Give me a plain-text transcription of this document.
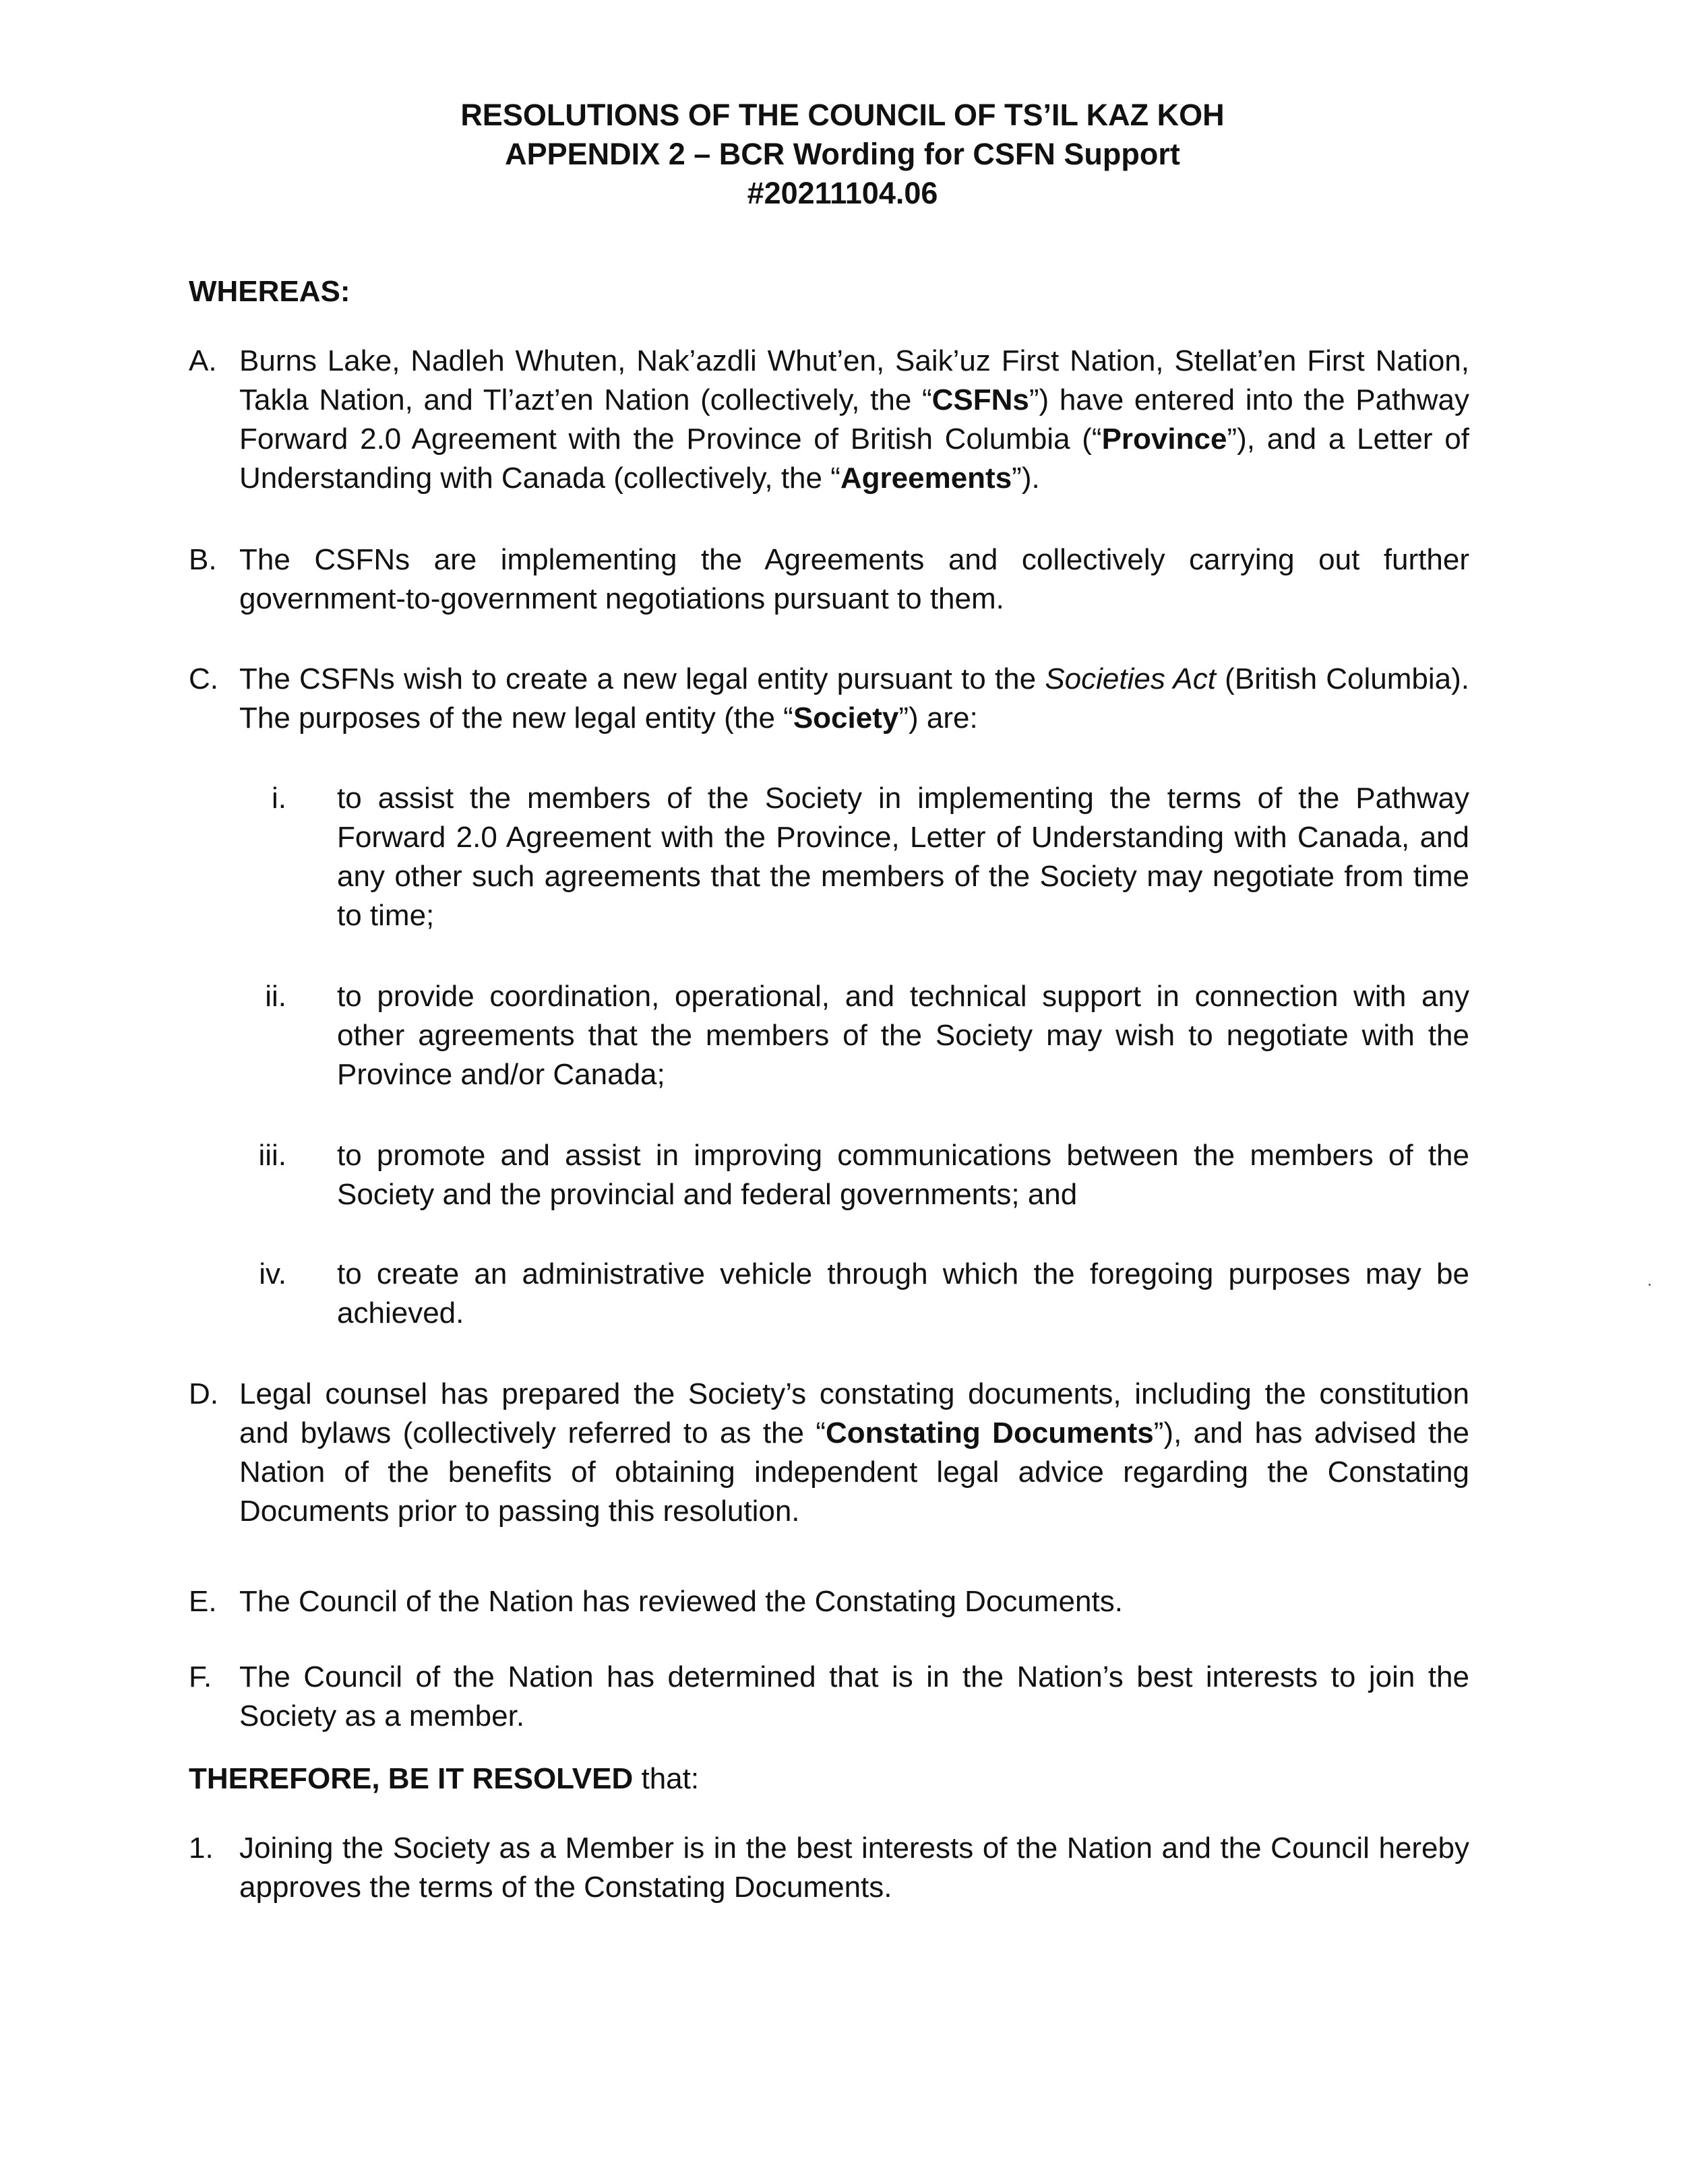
RESOLUTIONS OF THE COUNCIL OF TS’IL KAZ KOH
APPENDIX 2 – BCR Wording for CSFN Support
#20211104.06
WHEREAS:
A. Burns Lake, Nadleh Whuten, Nak’azdli Whut’en, Saik’uz First Nation, Stellat’en First Nation, Takla Nation, and Tl’azt’en Nation (collectively, the “CSFNs”) have entered into the Pathway Forward 2.0 Agreement with the Province of British Columbia (“Province”), and a Letter of Understanding with Canada (collectively, the “Agreements”).
B. The CSFNs are implementing the Agreements and collectively carrying out further government-to-government negotiations pursuant to them.
C. The CSFNs wish to create a new legal entity pursuant to the Societies Act (British Columbia). The purposes of the new legal entity (the “Society”) are:
i. to assist the members of the Society in implementing the terms of the Pathway Forward 2.0 Agreement with the Province, Letter of Understanding with Canada, and any other such agreements that the members of the Society may negotiate from time to time;
ii. to provide coordination, operational, and technical support in connection with any other agreements that the members of the Society may wish to negotiate with the Province and/or Canada;
iii. to promote and assist in improving communications between the members of the Society and the provincial and federal governments; and
iv. to create an administrative vehicle through which the foregoing purposes may be achieved.
D. Legal counsel has prepared the Society’s constating documents, including the constitution and bylaws (collectively referred to as the “Constating Documents”), and has advised the Nation of the benefits of obtaining independent legal advice regarding the Constating Documents prior to passing this resolution.
E. The Council of the Nation has reviewed the Constating Documents.
F. The Council of the Nation has determined that is in the Nation’s best interests to join the Society as a member.
THEREFORE, BE IT RESOLVED that:
1. Joining the Society as a Member is in the best interests of the Nation and the Council hereby approves the terms of the Constating Documents.
